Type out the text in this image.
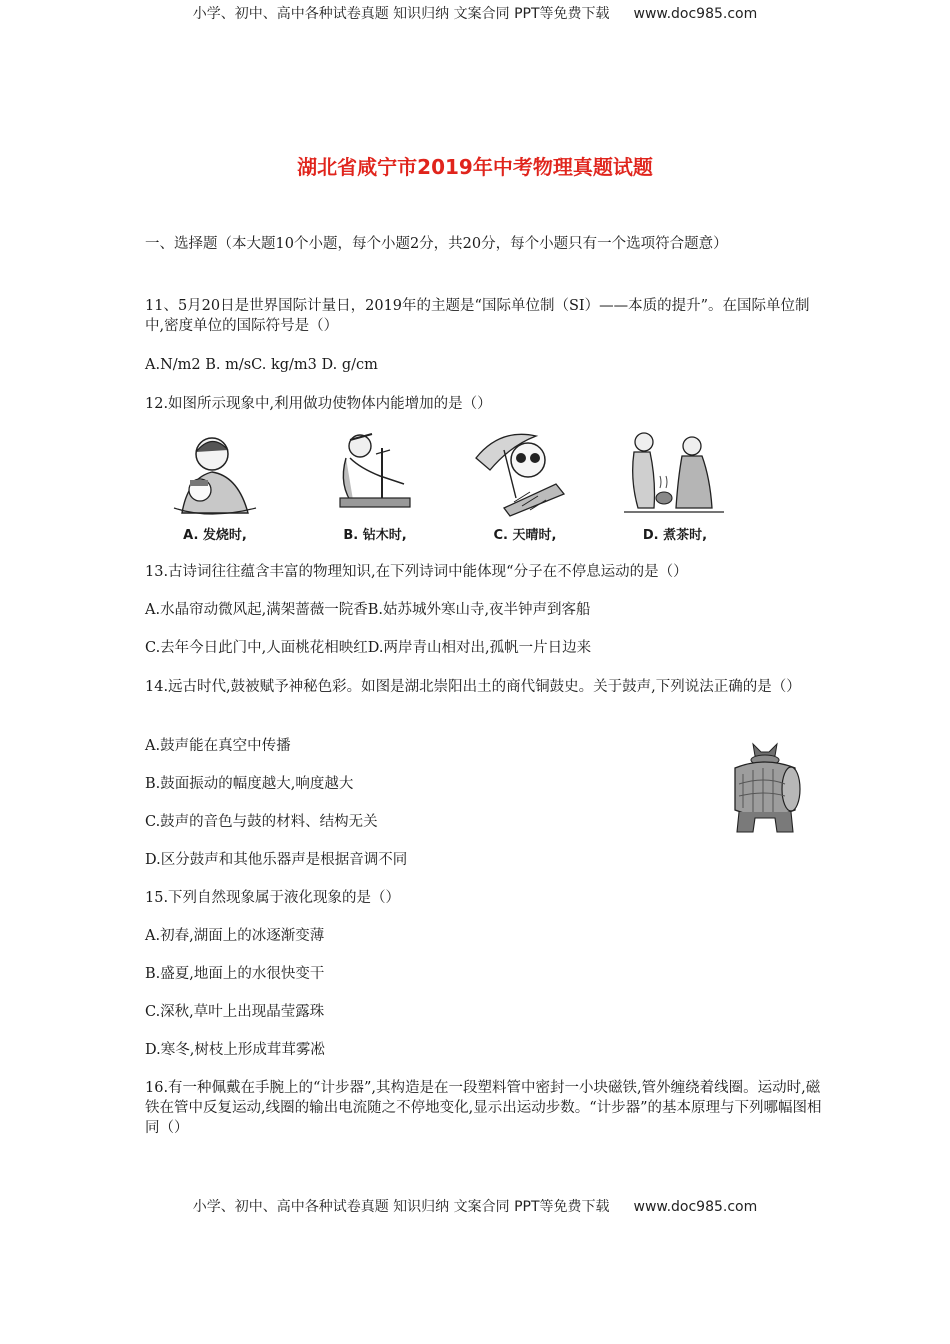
小学、初中、高中各种试卷真题 知识归纳 文案合同 PPT等免费下载 www.doc985.com
湖北省咸宁市2019年中考物理真题试题
一、选择题（本大题10个小题，每个小题2分，共20分，每个小题只有一个选项符合题意）
11、5月20日是世界国际计量日，2019年的主题是“国际单位制（SI）——本质的提升”。在国际单位制中,密度单位的国际符号是（）
A.N/m2 B. m/sC. kg/m3 D. g/cm
12.如图所示现象中,利用做功使物体内能增加的是（）
A. 发烧时,	B. 钻木时,	C. 天晴时,	D. 煮茶时,
13.古诗词往往蕴含丰富的物理知识,在下列诗词中能体现“分子在不停息运动的是（）
A.水晶帘动微风起,满架蔷薇一院香B.姑苏城外寒山寺,夜半钟声到客船
C.去年今日此门中,人面桃花相映红D.两岸青山相对出,孤帆一片日边来
14.远古时代,鼓被赋予神秘色彩。如图是湖北崇阳出土的商代铜鼓史。关于鼓声,下列说法正确的是（）
A.鼓声能在真空中传播
B.鼓面振动的幅度越大,响度越大
C.鼓声的音色与鼓的材料、结构无关
D.区分鼓声和其他乐器声是根据音调不同
15.下列自然现象属于液化现象的是（）
A.初春,湖面上的冰逐渐变薄
B.盛夏,地面上的水很快变干
C.深秋,草叶上出现晶莹露珠
D.寒冬,树枝上形成茸茸雾凇
16.有一种佩戴在手腕上的“计步器”,其构造是在一段塑料管中密封一小块磁铁,管外缠绕着线圈。运动时,磁铁在管中反复运动,线圈的输出电流随之不停地变化,显示出运动步数。“计步器”的基本原理与下列哪幅图相同（）
小学、初中、高中各种试卷真题 知识归纳 文案合同 PPT等免费下载 www.doc985.com
